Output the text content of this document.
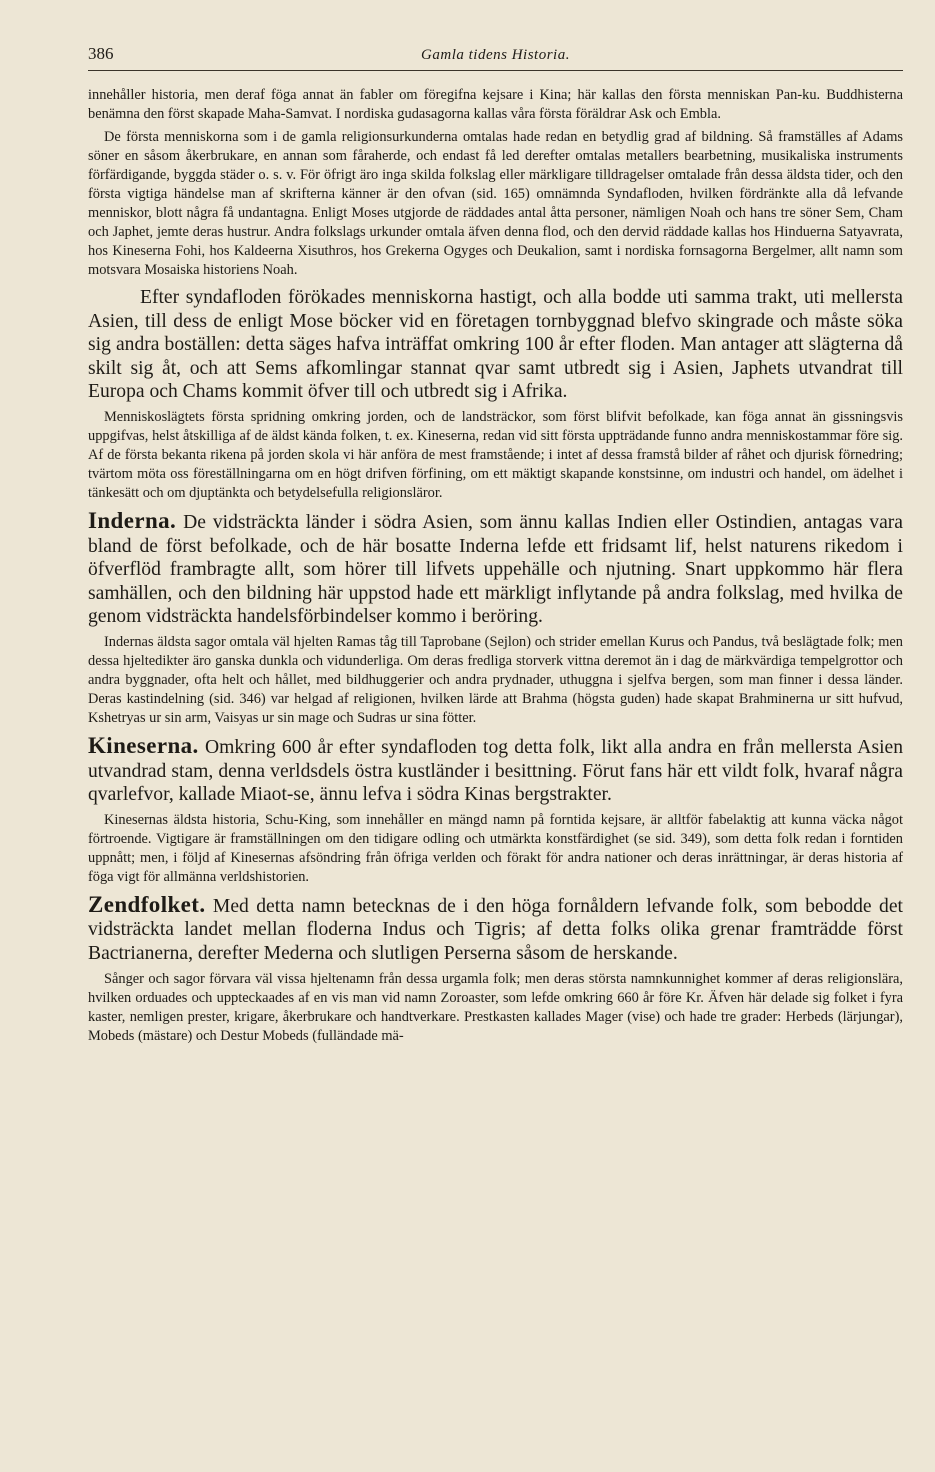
386	Gamla tidens Historia.

innehåller historia, men deraf föga annat än fabler om föregifna kejsare i Kina; här kallas den första menniskan Pan-ku. Buddhisterna benämna den först skapade Maha-Samvat. I nordiska gudasagorna kallas våra första föräldrar Ask och Embla.

De första menniskorna som i de gamla religionsurkunderna omtalas hade redan en betydlig grad af bildning. Så framställes af Adams söner en såsom åkerbrukare, en annan som fåraherde, och endast få led derefter omtalas metallers bearbetning, musikaliska instruments förfärdigande, byggda städer o. s. v. För öfrigt äro inga skilda folkslag eller märkligare tilldragelser omtalade från dessa äldsta tider, och den första vigtiga händelse man af skrifterna känner är den ofvan (sid. 165) omnämnda Syndafloden, hvilken fördränkte alla då lefvande menniskor, blott några få undantagna. Enligt Moses utgjorde de räddades antal åtta personer, nämligen Noah och hans tre söner Sem, Cham och Japhet, jemte deras hustrur. Andra folkslags urkunder omtala äfven denna flod, och den dervid räddade kallas hos Hinduerna Satyavrata, hos Kineserna Fohi, hos Kaldeerna Xisuthros, hos Grekerna Ogyges och Deukalion, samt i nordiska fornsagorna Bergelmer, allt namn som motsvara Mosaiska historiens Noah.

Efter syndafloden förökades menniskorna hastigt, och alla bodde uti samma trakt, uti mellersta Asien, till dess de enligt Mose böcker vid en företagen tornbyggnad blefvo skingrade och måste söka sig andra boställen: detta säges hafva inträffat omkring 100 år efter floden. Man antager att slägterna då skilt sig åt, och att Sems afkomlingar stannat qvar samt utbredt sig i Asien, Japhets utvandrat till Europa och Chams kommit öfver till och utbredt sig i Afrika.

Menniskoslägtets första spridning omkring jorden, och de landsträckor, som först blifvit befolkade, kan föga annat än gissningsvis uppgifvas, helst åtskilliga af de äldst kända folken, t. ex. Kineserna, redan vid sitt första uppträdande funno andra menniskostammar före sig. Af de första bekanta rikena på jorden skola vi här anföra de mest framstående; i intet af dessa framstå bilder af råhet och djurisk förnedring; tvärtom möta oss föreställningarna om en högt drifven förfining, om ett mäktigt skapande konstsinne, om industri och handel, om ädelhet i tänkesätt och om djuptänkta och betydelsefulla religionsläror.

Inderna. De vidsträckta länder i södra Asien, som ännu kallas Indien eller Ostindien, antagas vara bland de först befolkade, och de här bosatte Inderna lefde ett fridsamt lif, helst naturens rikedom i öfverflöd frambragte allt, som hörer till lifvets uppehälle och njutning. Snart uppkommo här flera samhällen, och den bildning här uppstod hade ett märkligt inflytande på andra folkslag, med hvilka de genom vidsträckta handelsförbindelser kommo i beröring.

Indernas äldsta sagor omtala väl hjelten Ramas tåg till Taprobane (Sejlon) och strider emellan Kurus och Pandus, två beslägtade folk; men dessa hjeltedikter äro ganska dunkla och vidunderliga. Om deras fredliga storverk vittna deremot än i dag de märkvärdiga tempelgrottor och andra byggnader, ofta helt och hållet, med bildhuggerier och andra prydnader, uthuggna i sjelfva bergen, som man finner i dessa länder. Deras kastindelning (sid. 346) var helgad af religionen, hvilken lärde att Brahma (högsta guden) hade skapat Brahminerna ur sitt hufvud, Kshetryas ur sin arm, Vaisyas ur sin mage och Sudras ur sina fötter.

Kineserna. Omkring 600 år efter syndafloden tog detta folk, likt alla andra en från mellersta Asien utvandrad stam, denna verldsdels östra kustländer i besittning. Förut fans här ett vildt folk, hvaraf några qvarlefvor, kallade Miaot-se, ännu lefva i södra Kinas bergstrakter.

Kinesernas äldsta historia, Schu-King, som innehåller en mängd namn på forntida kejsare, är alltför fabelaktig att kunna väcka något förtroende. Vigtigare är framställningen om den tidigare odling och utmärkta konstfärdighet (se sid. 349), som detta folk redan i forntiden uppnått; men, i följd af Kinesernas afsöndring från öfriga verlden och förakt för andra nationer och deras inrättningar, är deras historia af föga vigt för allmänna verldshistorien.

Zendfolket. Med detta namn betecknas de i den höga fornåldern lefvande folk, som bebodde det vidsträckta landet mellan floderna Indus och Tigris; af detta folks olika grenar framträdde först Bactrianerna, derefter Mederna och slutligen Perserna såsom de herskande.

Sånger och sagor förvara väl vissa hjeltenamn från dessa urgamla folk; men deras största namnkunnighet kommer af deras religionslära, hvilken orduades och uppteckaades af en vis man vid namn Zoroaster, som lefde omkring 660 år före Kr. Äfven här delade sig folket i fyra kaster, nemligen prester, krigare, åkerbrukare och handtverkare. Prestkasten kallades Mager (vise) och hade tre grader: Herbeds (lärjungar), Mobeds (mästare) och Destur Mobeds (fulländade mä-
